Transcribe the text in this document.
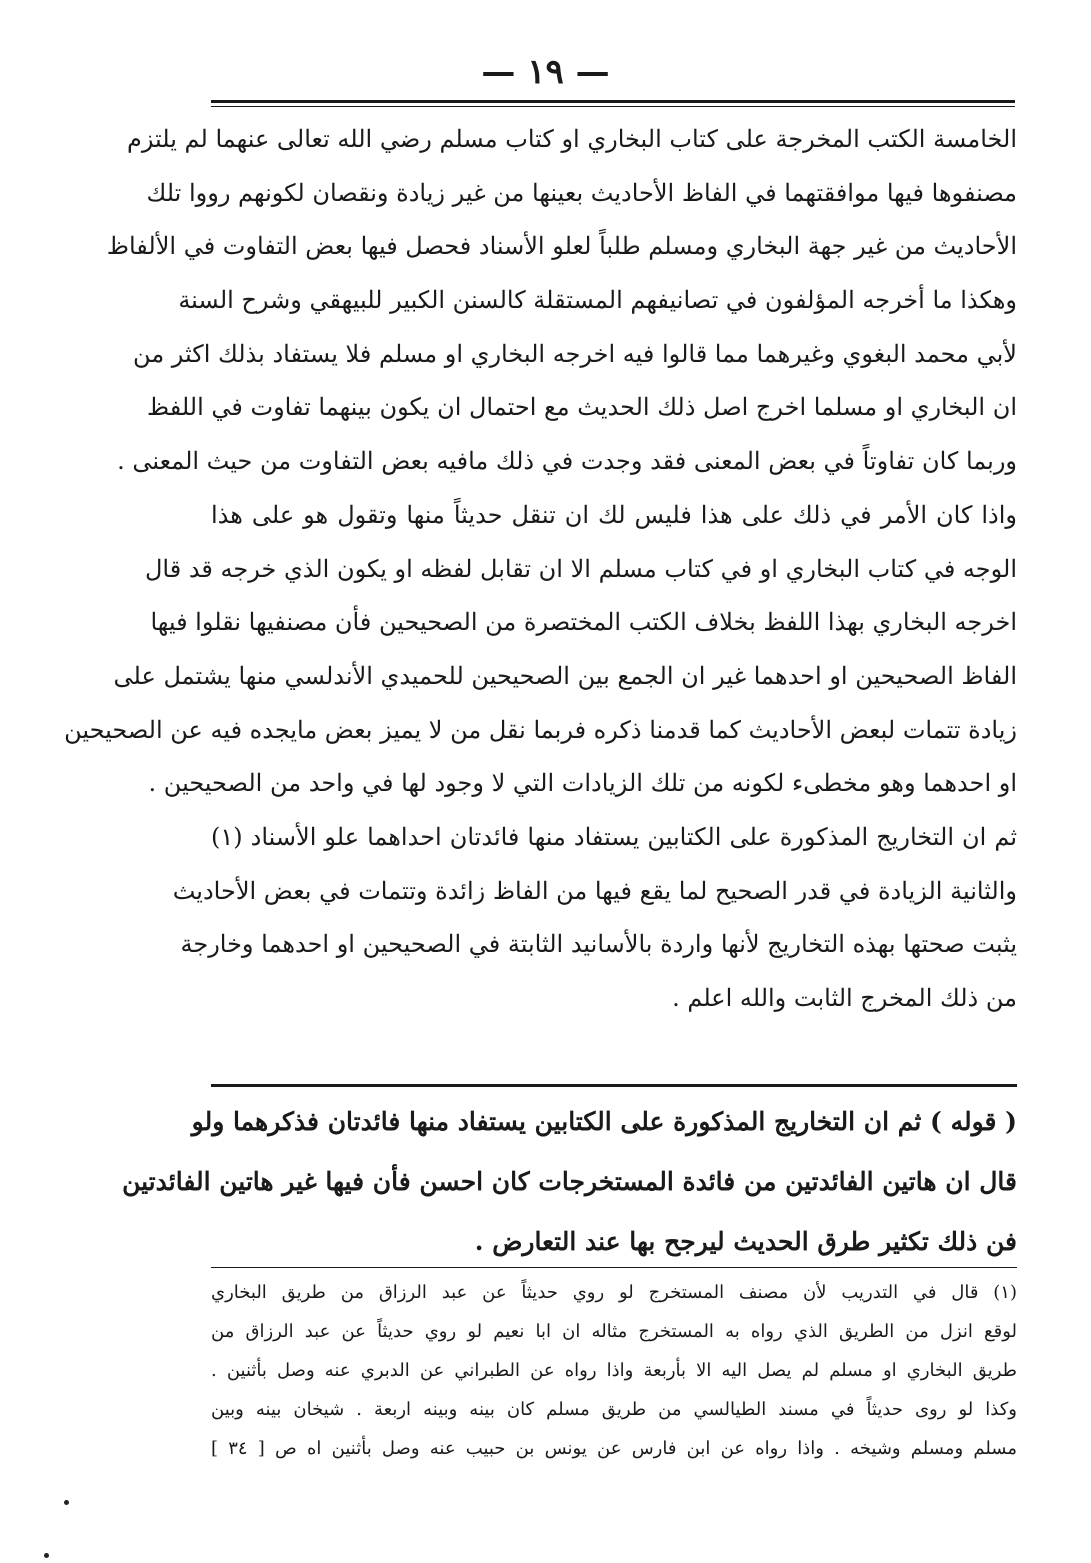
— ١٩ —
الخامسة الكتب المخرجة على كتاب البخاري او كتاب مسلم رضي الله تعالى عنهما لم يلتزم
مصنفوها فيها موافقتهما في الفاظ الأحاديث بعينها من غير زيادة ونقصان لكونهم رووا تلك
الأحاديث من غير جهة البخاري ومسلم طلباً لعلو الأسناد فحصل فيها بعض التفاوت في الألفاظ
وهكذا ما أخرجه المؤلفون في تصانيفهم المستقلة كالسنن الكبير للبيهقي وشرح السنة
لأبي محمد البغوي وغيرهما مما قالوا فيه اخرجه البخاري او مسلم فلا يستفاد بذلك اكثر من
ان البخاري او مسلما اخرج اصل ذلك الحديث مع احتمال ان يكون بينهما تفاوت في اللفظ
وربما كان تفاوتاً في بعض المعنى فقد وجدت في ذلك مافيه بعض التفاوت من حيث المعنى .
واذا كان الأمر في ذلك على هذا فليس لك ان تنقل حديثاً منها وتقول هو على هذا
الوجه في كتاب البخاري او في كتاب مسلم الا ان تقابل لفظه او يكون الذي خرجه قد قال
اخرجه البخاري بهذا اللفظ بخلاف الكتب المختصرة من الصحيحين فأن مصنفيها نقلوا فيها
الفاظ الصحيحين او احدهما غير ان الجمع بين الصحيحين للحميدي الأندلسي منها يشتمل على
زيادة تتمات لبعض الأحاديث كما قدمنا ذكره فربما نقل من لا يميز بعض مايجده فيه عن الصحيحين
او احدهما وهو مخطىء لكونه من تلك الزيادات التي لا وجود لها في واحد من الصحيحين .
ثم ان التخاريج المذكورة على الكتابين يستفاد منها فائدتان احداهما علو الأسناد (١)
والثانية الزيادة في قدر الصحيح لما يقع فيها من الفاظ زائدة وتتمات في بعض الأحاديث
يثبت صحتها بهذه التخاريج لأنها واردة بالأسانيد الثابتة في الصحيحين او احدهما وخارجة
من ذلك المخرج الثابت والله اعلم .
( قوله ) ثم ان التخاريج المذكورة على الكتابين يستفاد منها فائدتان فذكرهما ولو
قال ان هاتين الفائدتين من فائدة المستخرجات كان احسن فأن فيها غير هاتين الفائدتين
فن ذلك تكثير طرق الحديث ليرجح بها عند التعارض .
(١) قال في التدريب لأن مصنف المستخرج لو روي حديثاً عن عبد الرزاق من طريق البخاري
لوقع انزل من الطريق الذي رواه به المستخرج مثاله ان ابا نعيم لو روي حديثاً عن عبد الرزاق من
طريق البخاري او مسلم لم يصل اليه الا بأربعة واذا رواه عن الطبراني عن الدبري عنه وصل بأثنين .
وكذا لو روى حديثاً في مسند الطيالسي من طريق مسلم كان بينه وبينه اربعة . شيخان بينه وبين
مسلم ومسلم وشيخه . واذا رواه عن ابن فارس عن يونس بن حبيب عنه وصل بأثنين اه ص [ ٣٤ ]
